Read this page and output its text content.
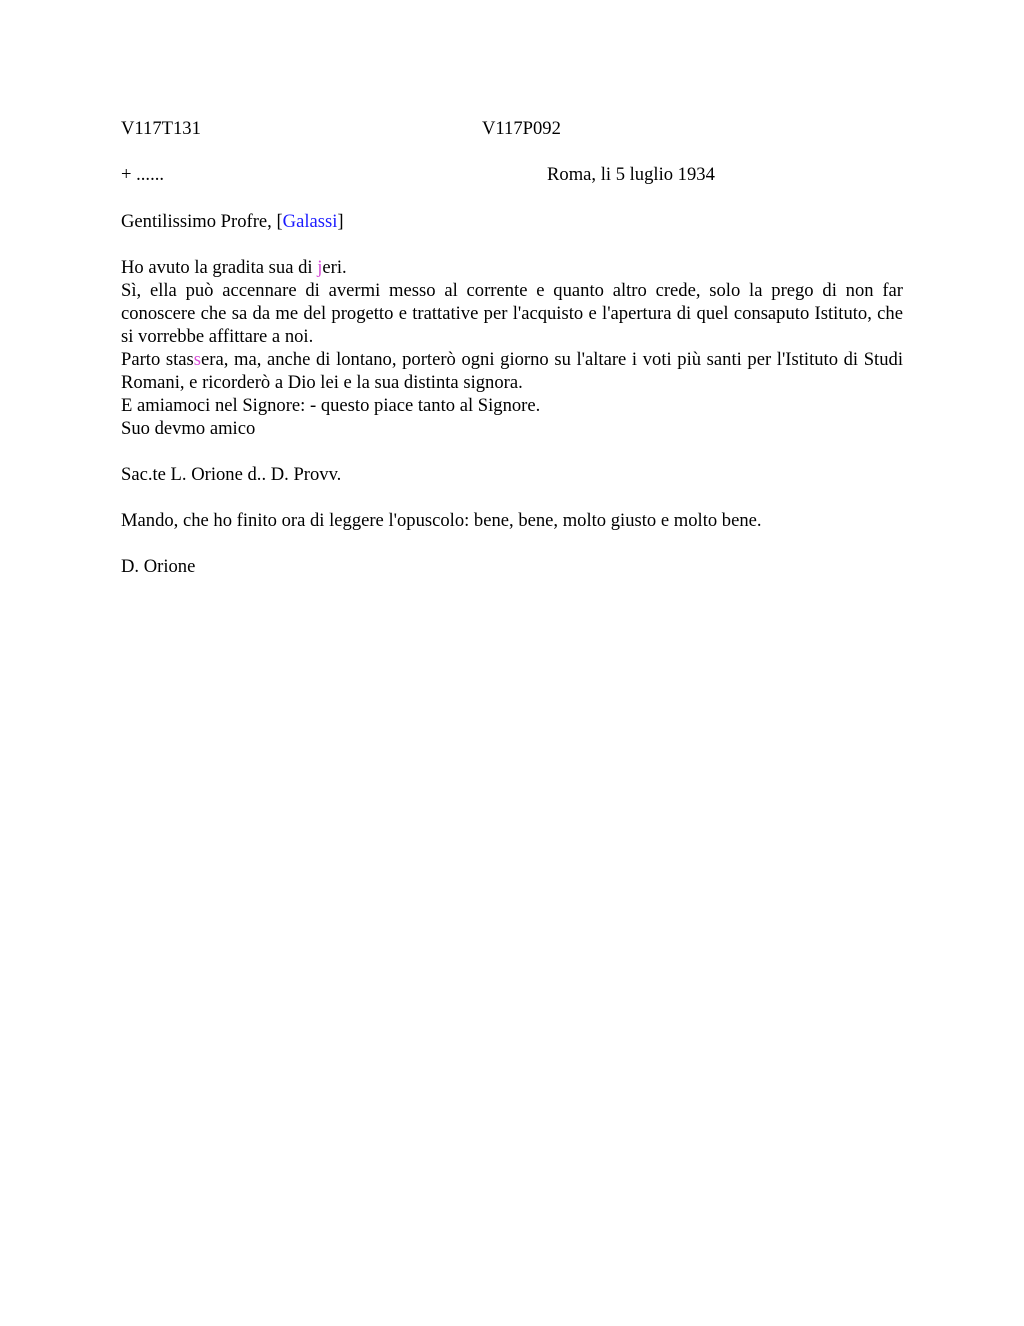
V117T131	V117P092
+ ......	Roma, li 5 luglio 1934
Gentilissimo Profre, [Galassi]
Ho avuto la gradita sua di jeri.
Sì, ella può accennare di avermi messo al corrente e quanto altro crede, solo la prego di non far conoscere che sa da me del progetto e trattative per l'acquisto e l'apertura di quel consaputo Istituto, che si vorrebbe affittare a noi.
Parto stassera, ma, anche di lontano, porterò ogni giorno su l'altare i voti più santi per l'Istituto di Studi Romani, e ricorderò a Dio lei e la sua distinta signora.
E amiamoci nel Signore: - questo piace tanto al Signore.
Suo devmo amico
Sac.te L. Orione d.. D. Provv.
Mando, che ho finito ora di leggere l'opuscolo: bene, bene, molto giusto e molto bene.
D. Orione
